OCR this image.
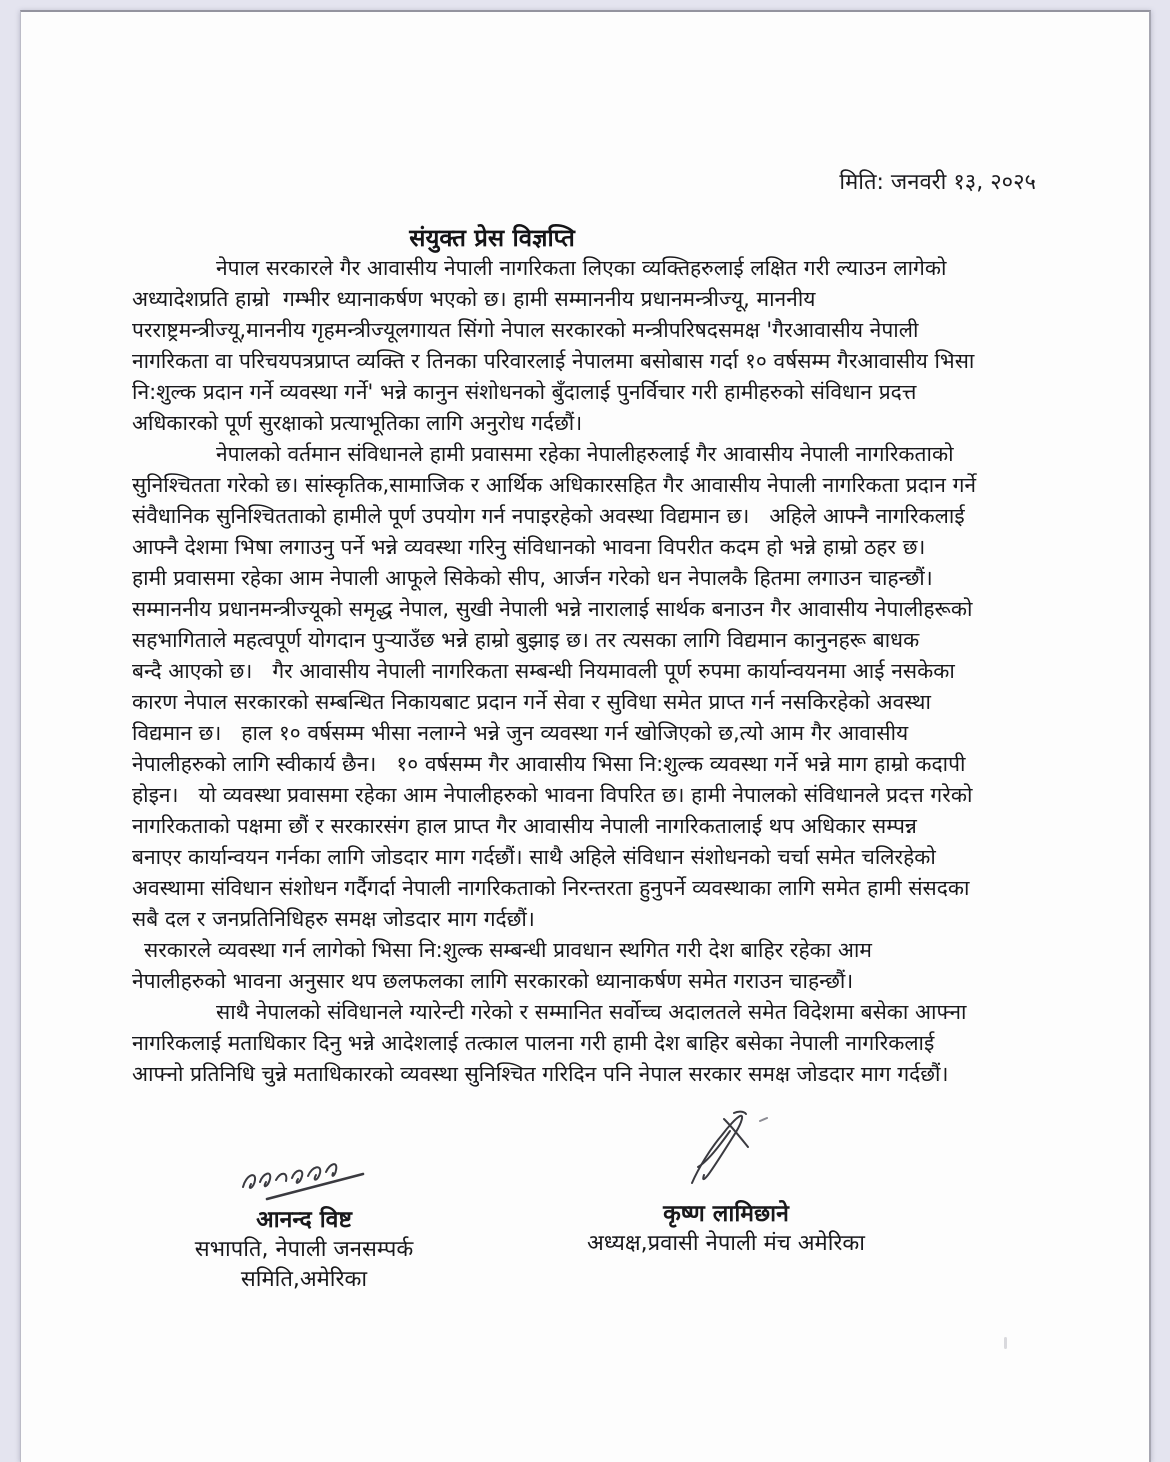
मिति: जनवरी १३, २०२५
संयुक्त प्रेस विज्ञप्ति
नेपाल सरकारले गैर आवासीय नेपाली नागरिकता लिएका व्यक्तिहरुलाई लक्षित गरी ल्याउन लागेको
अध्यादेशप्रति हाम्रो  गम्भीर ध्यानाकर्षण भएको छ। हामी सम्माननीय प्रधानमन्त्रीज्यू, माननीय
परराष्ट्रमन्त्रीज्यू,माननीय गृहमन्त्रीज्यूलगायत सिंगो नेपाल सरकारको मन्त्रीपरिषदसमक्ष 'गैरआवासीय नेपाली
नागरिकता वा परिचयपत्रप्राप्त व्यक्ति र तिनका परिवारलाई नेपालमा बसोबास गर्दा १० वर्षसम्म गैरआवासीय भिसा
नि:शुल्क प्रदान गर्ने व्यवस्था गर्ने' भन्ने कानुन संशोधनको बुँदालाई पुनर्विचार गरी हामीहरुको संविधान प्रदत्त
अधिकारको पूर्ण सुरक्षाको प्रत्याभूतिका लागि अनुरोध गर्दछौं।
नेपालको वर्तमान संविधानले हामी प्रवासमा रहेका नेपालीहरुलाई गैर आवासीय नेपाली नागरिकताको
सुनिश्चितता गरेको छ। सांस्कृतिक,सामाजिक र आर्थिक अधिकारसहित गैर आवासीय नेपाली नागरिकता प्रदान गर्ने
संवैधानिक सुनिश्चितताको हामीले पूर्ण उपयोग गर्न नपाइरहेको अवस्था विद्यमान छ।   अहिले आफ्नै नागरिकलाई
आफ्नै देशमा भिषा लगाउनु पर्ने भन्ने व्यवस्था गरिनु संविधानको भावना विपरीत कदम हो भन्ने हाम्रो ठहर छ।
हामी प्रवासमा रहेका आम नेपाली आफूले सिकेको सीप, आर्जन गरेको धन नेपालकै हितमा लगाउन चाहन्छौं।
सम्माननीय प्रधानमन्त्रीज्यूको समृद्ध नेपाल, सुखी नेपाली भन्ने नारालाई सार्थक बनाउन गैर आवासीय नेपालीहरूको
सहभागिताले महत्वपूर्ण योगदान पुर्‍याउँछ भन्ने हाम्रो बुझाइ छ। तर त्यसका लागि विद्यमान कानुनहरू बाधक
बन्दै आएको छ।   गैर आवासीय नेपाली नागरिकता सम्बन्धी नियमावली पूर्ण रुपमा कार्यान्वयनमा आई नसकेका
कारण नेपाल सरकारको सम्बन्धित निकायबाट प्रदान गर्ने सेवा र सुविधा समेत प्राप्त गर्न नसकिरहेको अवस्था
विद्यमान छ।   हाल १० वर्षसम्म भीसा नलाग्ने भन्ने जुन व्यवस्था गर्न खोजिएको छ,त्यो आम गैर आवासीय
नेपालीहरुको लागि स्वीकार्य छैन।   १० वर्षसम्म गैर आवासीय भिसा नि:शुल्क व्यवस्था गर्ने भन्ने माग हाम्रो कदापी
होइन।   यो व्यवस्था प्रवासमा रहेका आम नेपालीहरुको भावना विपरित छ। हामी नेपालको संविधानले प्रदत्त गरेको
नागरिकताको पक्षमा छौं र सरकारसंग हाल प्राप्त गैर आवासीय नेपाली नागरिकतालाई थप अधिकार सम्पन्न
बनाएर कार्यान्वयन गर्नका लागि जोडदार माग गर्दछौं। साथै अहिले संविधान संशोधनको चर्चा समेत चलिरहेको
अवस्थामा संविधान संशोधन गर्दैगर्दा नेपाली नागरिकताको निरन्तरता हुनुपर्ने व्यवस्थाका लागि समेत हामी संसदका
सबै दल र जनप्रतिनिधिहरु समक्ष जोडदार माग गर्दछौं।
सरकारले व्यवस्था गर्न लागेको भिसा नि:शुल्क सम्बन्धी प्रावधान स्थगित गरी देश बाहिर रहेका आम
नेपालीहरुको भावना अनुसार थप छलफलका लागि सरकारको ध्यानाकर्षण समेत गराउन चाहन्छौं।
साथै नेपालको संविधानले ग्यारेन्टी गरेको र सम्मानित सर्वोच्च अदालतले समेत विदेशमा बसेका आफ्ना
नागरिकलाई मताधिकार दिनु भन्ने आदेशलाई तत्काल पालना गरी हामी देश बाहिर बसेका नेपाली नागरिकलाई
आफ्नो प्रतिनिधि चुन्ने मताधिकारको व्यवस्था सुनिश्चित गरिदिन पनि नेपाल सरकार समक्ष जोडदार माग गर्दछौं।
आनन्द विष्ट
सभापति, नेपाली जनसम्पर्क समिति,अमेरिका
कृष्ण लामिछाने
अध्यक्ष,प्रवासी नेपाली मंच अमेरिका
